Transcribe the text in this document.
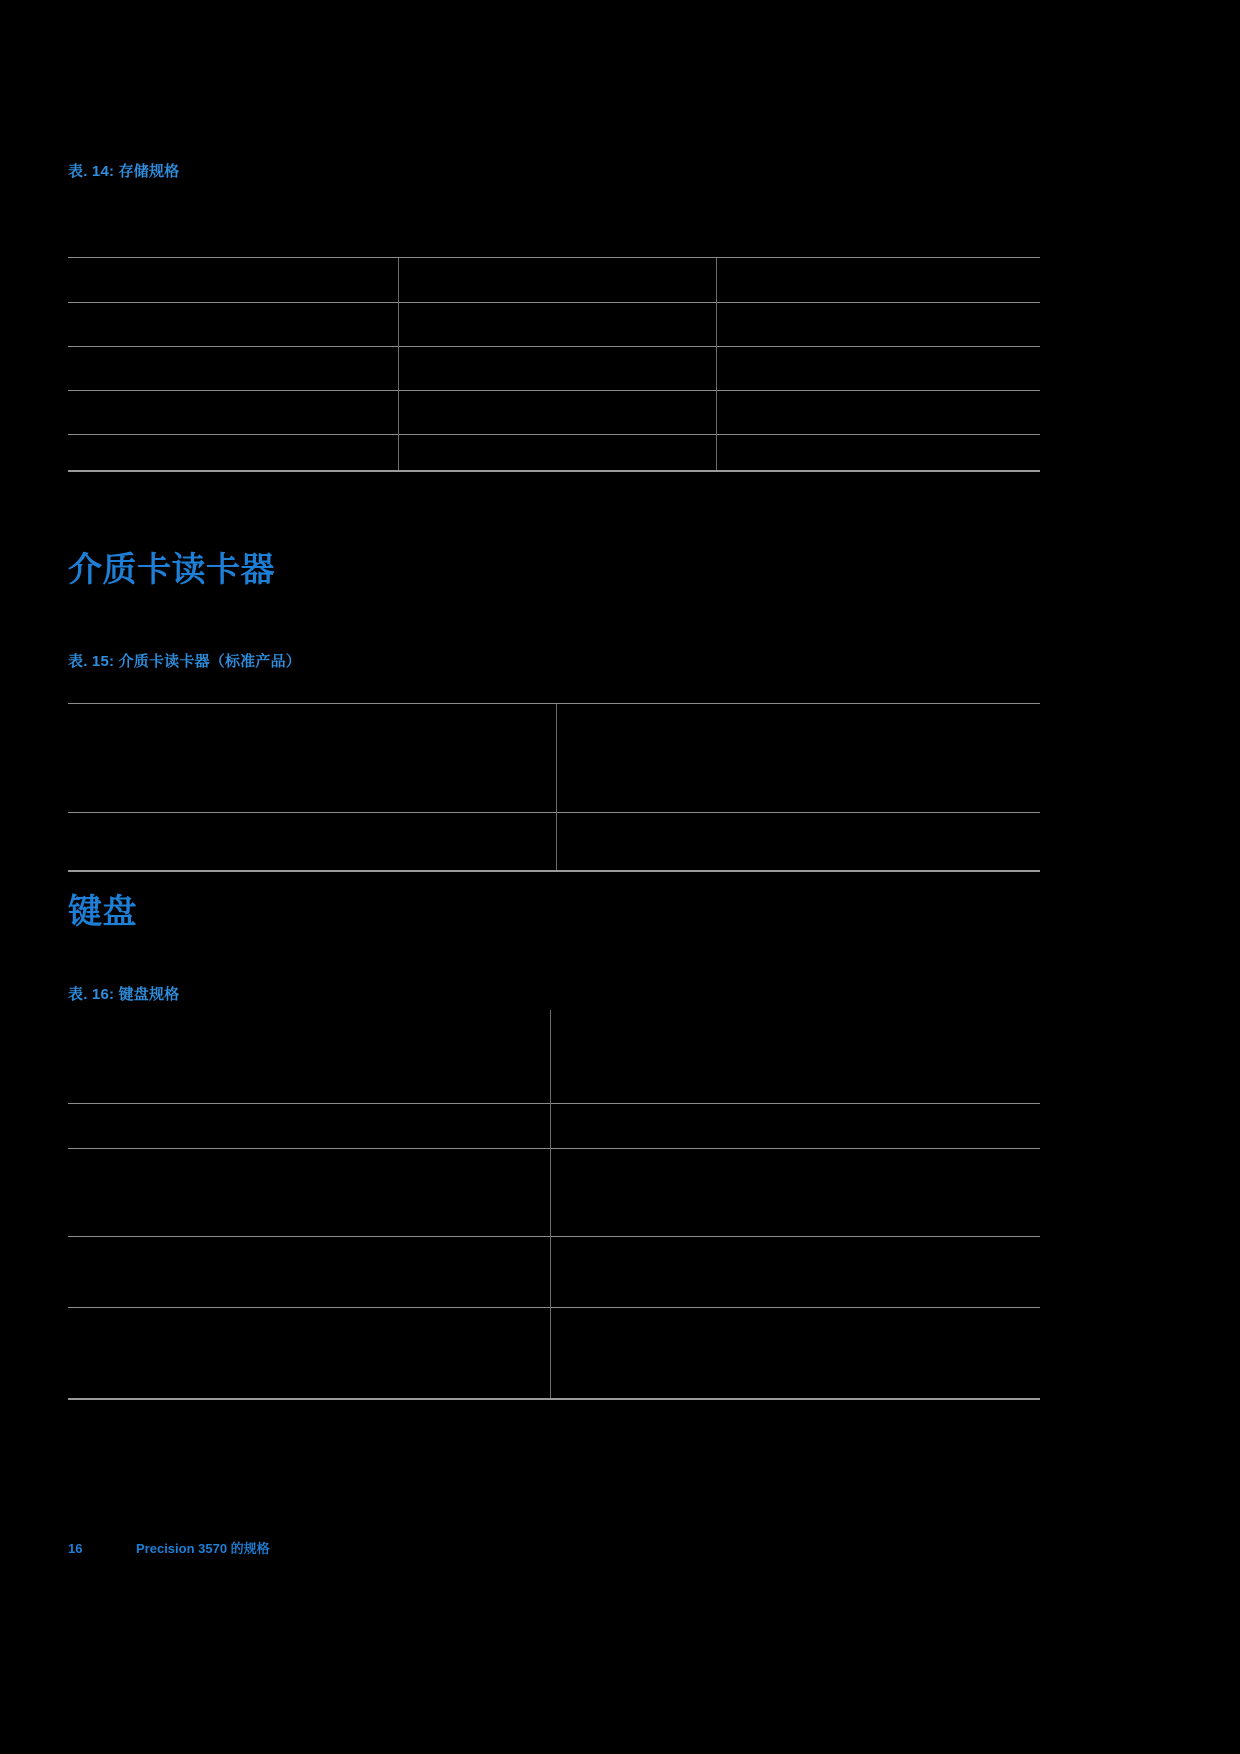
表. 14: 存储规格
介质卡读卡器
表. 15: 介质卡读卡器（标准产品）
键盘
表. 16: 键盘规格
16	Precision 3570 的规格
